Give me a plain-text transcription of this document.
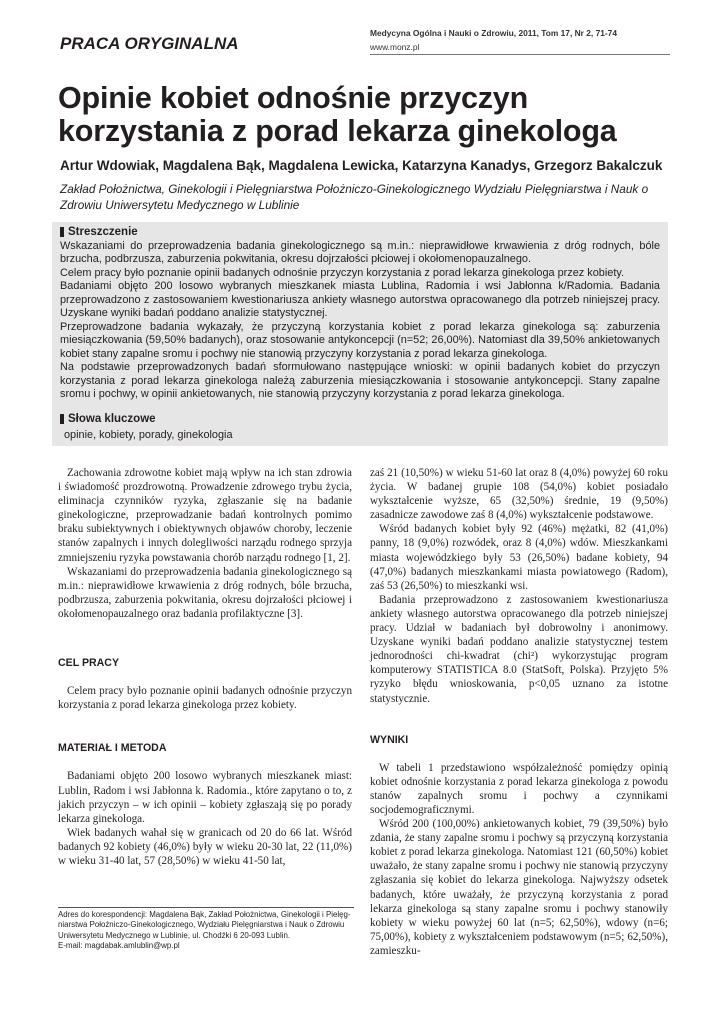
PRACA ORYGINALNA
Medycyna Ogólna i Nauki o Zdrowiu, 2011, Tom 17, Nr 2, 71-74
www.monz.pl
Opinie kobiet odnośnie przyczyn korzystania z porad lekarza ginekologa
Artur Wdowiak, Magdalena Bąk, Magdalena Lewicka, Katarzyna Kanadys, Grzegorz Bakalczuk
Zakład Położnictwa, Ginekologii i Pielęgniarstwa Położniczo-Ginekologicznego Wydziału Pielęgniarstwa i Nauk o Zdrowiu Uniwersytetu Medycznego w Lublinie
Streszczenie

Wskazaniami do przeprowadzenia badania ginekologicznego są m.in.: nieprawidłowe krwawienia z dróg rodnych, bóle brzucha, podbrzusza, zaburzenia pokwitania, okresu dojrzałości płciowej i okołomenopauzalnego.

Celem pracy było poznanie opinii badanych odnośnie przyczyn korzystania z porad lekarza ginekologa przez kobiety.

Badaniami objęto 200 losowo wybranych mieszkanek miasta Lublina, Radomia i wsi Jabłonna k/Radomia. Badania przeprowadzono z zastosowaniem kwestionariusza ankiety własnego autorstwa opracowanego dla potrzeb niniejszej pracy. Uzyskane wyniki badań poddano analizie statystycznej.

Przeprowadzone badania wykazały, że przyczyną korzystania kobiet z porad lekarza ginekologa są: zaburzenia miesiączkowania (59,50% badanych), oraz stosowanie antykoncepcji (n=52; 26,00%). Natomiast dla 39,50% ankietowanych kobiet stany zapalne sromu i pochwy nie stanowią przyczyny korzystania z porad lekarza ginekologa.

Na podstawie przeprowadzonych badań sformułowano następujące wnioski: w opinii badanych kobiet do przyczyn korzystania z porad lekarza ginekologa należą zaburzenia miesiączkowania i stosowanie antykoncepcji. Stany zapalne sromu i pochwy, w opinii ankietowanych, nie stanowią przyczyny korzystania z porad lekarza ginekologa.

Słowa kluczowe
opinie, kobiety, porady, ginekologia

Zachowania zdrowotne kobiet mają wpływ na ich stan zdrowia i świadomość prozdrowotną. Prowadzenie zdrowego trybu życia, eliminacja czynników ryzyka, zgłaszanie się na badanie ginekologiczne, przeprowadzanie badań kontrolnych pomimo braku subiektywnych i obiektywnych objawów choroby, leczenie stanów zapalnych i innych dolegliwości narządu rodnego sprzyja zmniejszeniu ryzyka powstawania chorób narządu rodnego [1, 2].

Wskazaniami do przeprowadzenia badania ginekologicznego są m.in.: nieprawidłowe krwawienia z dróg rodnych, bóle brzucha, podbrzusza, zaburzenia pokwitania, okresu dojrzałości płciowej i okołomenopauzalnego oraz badania profilaktyczne [3].

CEL PRACY

Celem pracy było poznanie opinii badanych odnośnie przyczyn korzystania z porad lekarza ginekologa przez kobiety.

MATERIAŁ I METODA

Badaniami objęto 200 losowo wybranych mieszkanek miast: Lublin, Radom i wsi Jabłonna k. Radomia., które zapytano o to, z jakich przyczyn – w ich opinii – kobiety zgłaszają się po porady lekarza ginekologa.

Wiek badanych wahał się w granicach od 20 do 66 lat. Wśród badanych 92 kobiety (46,0%) były w wieku 20-30 lat, 22 (11,0%) w wieku 31-40 lat, 57 (28,50%) w wieku 41-50 lat,

zaś 21 (10,50%) w wieku 51-60 lat oraz 8 (4,0%) powyżej 60 roku życia. W badanej grupie 108 (54,0%) kobiet posiadało wykształcenie wyższe, 65 (32,50%) średnie, 19 (9,50%) zasadnicze zawodowe zaś 8 (4,0%) wykształcenie podstawowe.

Wśród badanych kobiet były 92 (46%) mężatki, 82 (41,0%) panny, 18 (9,0%) rozwódek, oraz 8 (4,0%) wdów. Mieszkankami miasta wojewódzkiego były 53 (26,50%) badane kobiety, 94 (47,0%) badanych mieszkankami miasta powiatowego (Radom), zaś 53 (26,50%) to mieszkanki wsi.

Badania przeprowadzono z zastosowaniem kwestionariusza ankiety własnego autorstwa opracowanego dla potrzeb niniejszej pracy. Udział w badaniach był dobrowolny i anonimowy. Uzyskane wyniki badań poddano analizie statystycznej testem jednorodności chi-kwadrat (chi²) wykorzystując program komputerowy STATISTICA 8.0 (StatSoft, Polska). Przyjęto 5% ryzyko błędu wnioskowania, p<0,05 uznano za istotne statystycznie.

WYNIKI

W tabeli 1 przedstawiono współzależność pomiędzy opinią kobiet odnośnie korzystania z porad lekarza ginekologa z powodu stanów zapalnych sromu i pochwy a czynnikami socjodemograficznymi.

Wśród 200 (100,00%) ankietowanych kobiet, 79 (39,50%) było zdania, że stany zapalne sromu i pochwy są przyczyną korzystania kobiet z porad lekarza ginekologa. Natomiast 121 (60,50%) kobiet uważało, że stany zapalne sromu i pochwy nie stanowią przyczyny zgłaszania się kobiet do lekarza ginekologa. Najwyższy odsetek badanych, które uważały, że przyczyną korzystania z porad lekarza ginekologa są stany zapalne sromu i pochwy stanowiły kobiety w wieku powyżej 60 lat (n=5; 62,50%), wdowy (n=6; 75,00%), kobiety z wykształceniem podstawowym (n=5; 62,50%), zamieszku-

Adres do korespondencji: Magdalena Bąk, Zakład Położnictwa, Ginekologii i Pielęg-
niarstwa Położniczo-Ginekologicznego, Wydziału Pielęgniarstwa i Nauk o Zdrowiu
Uniwersytetu Medycznego w Lublinie, ul. Chodźki 6 20-093 Lublin.
E-mail: magdabak.amlublin@wp.pl
